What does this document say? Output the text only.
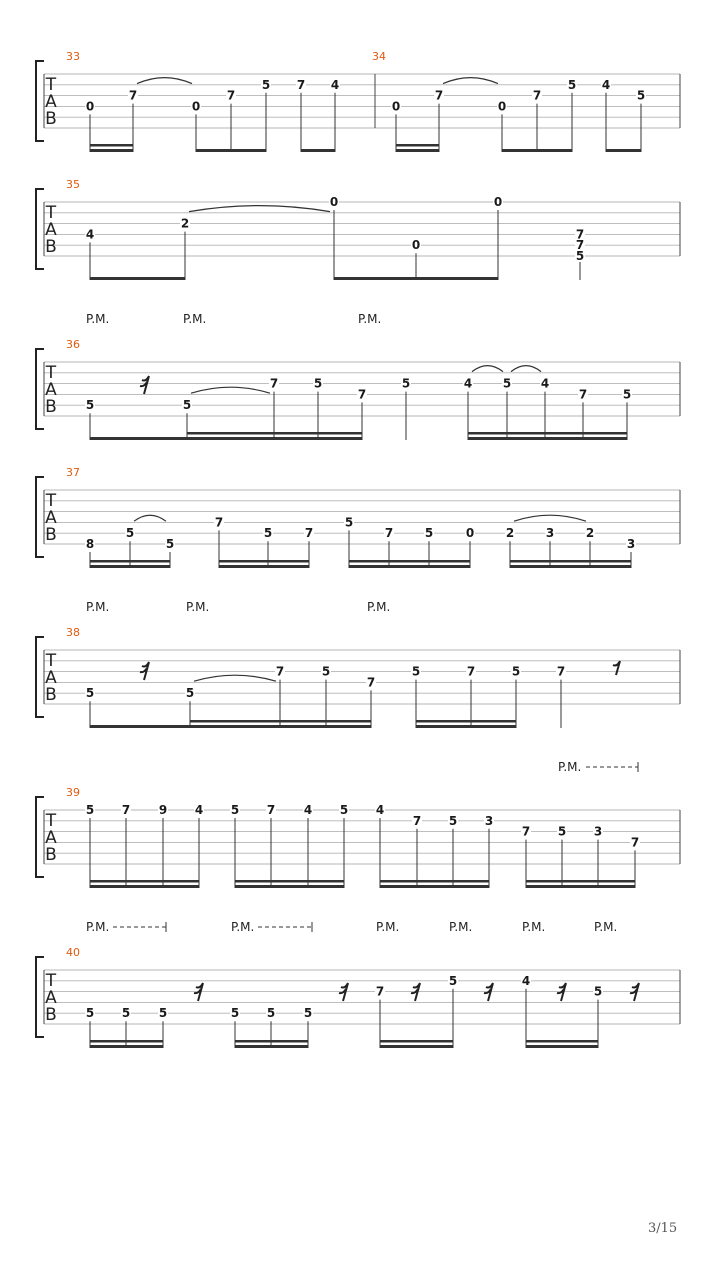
T
A
B
33	34
0
7
0
7
5 7 4
0
7
0
7
5 4
5
T
A
B
35
4
2
0
0
0
7
7
5
T
A
B
36
5	5
7	5
7
5	4	5 4
7	5
P.M.	P.M.	P.M.
T
A
B
37
8
5
5
7
5	7
5
7	5	0	2	3	2
3
T
A
B
38
5	5
7	5
7
5	7	5	7
P.M.	P.M.	P.M.
T
A
B
39
5 7 9 4 5 7 4 5 4
7 5 3
7 5 3
7
P.M.
T
A
B
40
5 5 5	5 5 5
7
5	4
5
P.M.	P.M.	P.M.	P.M.	P.M.	P.M.
3/15
